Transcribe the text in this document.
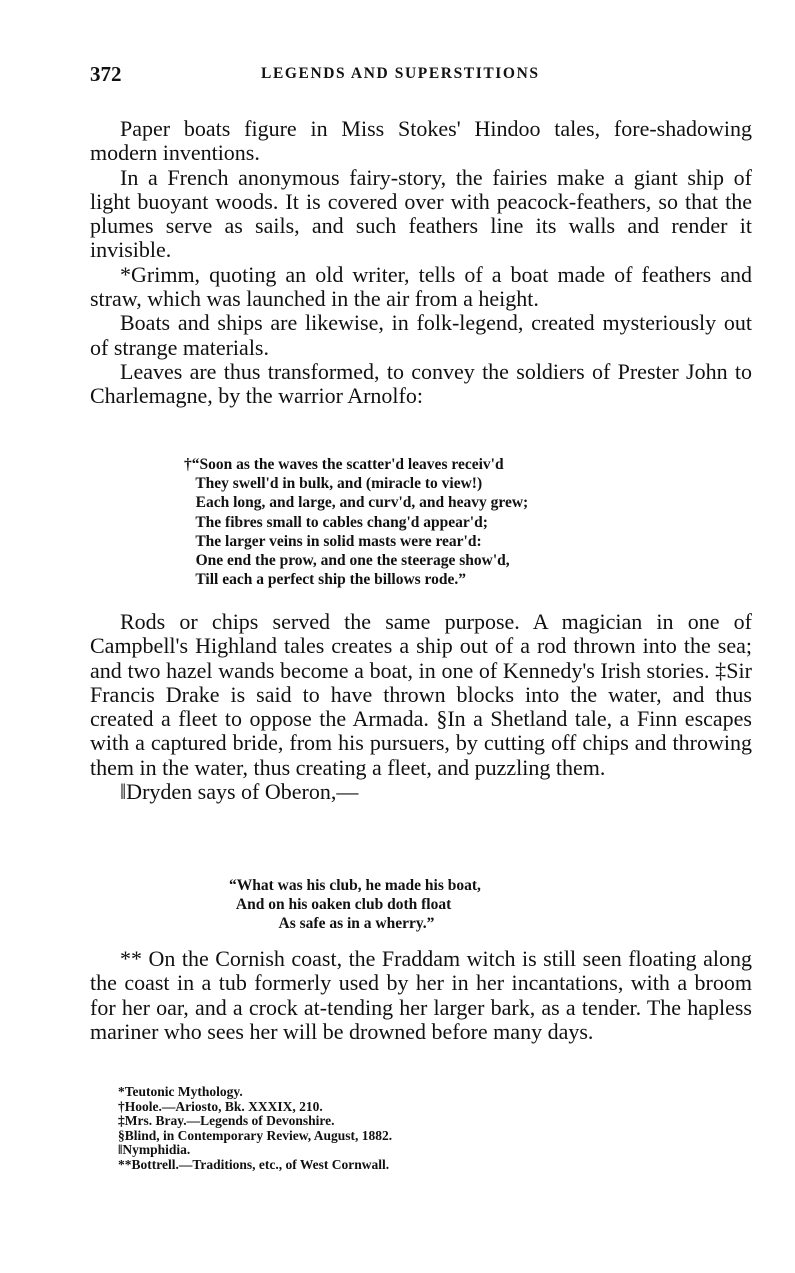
372	LEGENDS AND SUPERSTITIONS

Paper boats figure in Miss Stokes' Hindoo tales, fore-shadowing modern inventions.

In a French anonymous fairy-story, the fairies make a giant ship of light buoyant woods. It is covered over with peacock-feathers, so that the plumes serve as sails, and such feathers line its walls and render it invisible.

*Grimm, quoting an old writer, tells of a boat made of feathers and straw, which was launched in the air from a height.

Boats and ships are likewise, in folk-legend, created mysteriously out of strange materials.

Leaves are thus transformed, to convey the soldiers of Prester John to Charlemagne, by the warrior Arnolfo:

†“Soon as the waves the scatter'd leaves receiv'd
They swell'd in bulk, and (miracle to view!)
Each long, and large, and curv'd, and heavy grew;
The fibres small to cables chang'd appear'd;
The larger veins in solid masts were rear'd:
One end the prow, and one the steerage show'd,
Till each a perfect ship the billows rode.”

Rods or chips served the same purpose. A magician in one of Campbell's Highland tales creates a ship out of a rod thrown into the sea; and two hazel wands become a boat, in one of Kennedy's Irish stories. ‡Sir Francis Drake is said to have thrown blocks into the water, and thus created a fleet to oppose the Armada. §In a Shetland tale, a Finn escapes with a captured bride, from his pursuers, by cutting off chips and throwing them in the water, thus creating a fleet, and puzzling them.

‖Dryden says of Oberon,—

“What was his club, he made his boat,
And on his oaken club doth float
As safe as in a wherry.”

** On the Cornish coast, the Fraddam witch is still seen floating along the coast in a tub formerly used by her in her incantations, with a broom for her oar, and a crock at-tending her larger bark, as a tender. The hapless mariner who sees her will be drowned before many days.

*Teutonic Mythology.
†Hoole.—Ariosto, Bk. XXXIX, 210.
‡Mrs. Bray.—Legends of Devonshire.
§Blind, in Contemporary Review, August, 1882.
‖Nymphidia.
**Bottrell.—Traditions, etc., of West Cornwall.
